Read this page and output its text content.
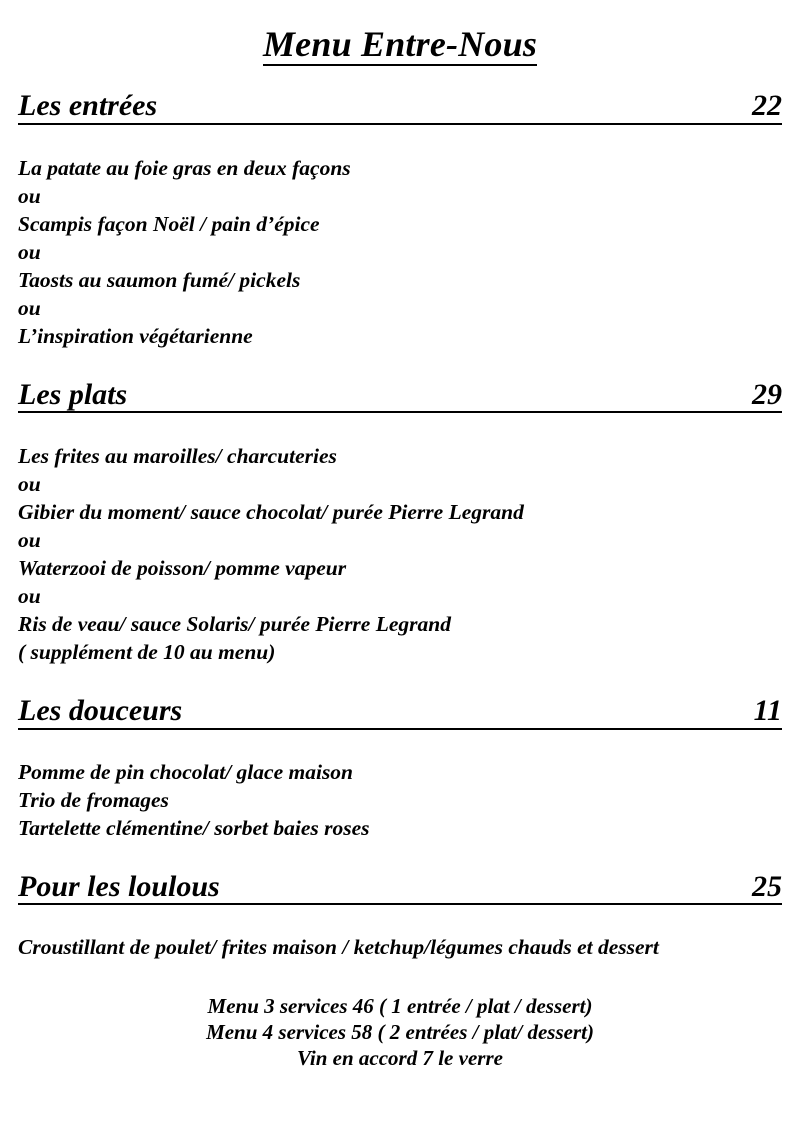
Menu Entre-Nous
Les entrées	22
La patate au foie gras en deux façons
ou
Scampis façon Noël / pain d’épice
ou
Taosts au saumon fumé/ pickels
ou
L’inspiration végétarienne
Les plats	29
Les frites au maroilles/ charcuteries
ou
Gibier du moment/ sauce chocolat/ purée Pierre Legrand
ou
Waterzooi de poisson/ pomme vapeur
ou
Ris de veau/ sauce Solaris/ purée Pierre Legrand
( supplément de 10 au menu)
Les douceurs	11
Pomme de pin chocolat/ glace maison
Trio de fromages
Tartelette clémentine/ sorbet baies roses
Pour les loulous	25
Croustillant de poulet/ frites maison / ketchup/légumes chauds et dessert
Menu 3 services 46 ( 1 entrée / plat / dessert)
Menu 4 services 58 ( 2 entrées / plat/ dessert)
Vin en accord 7 le verre
